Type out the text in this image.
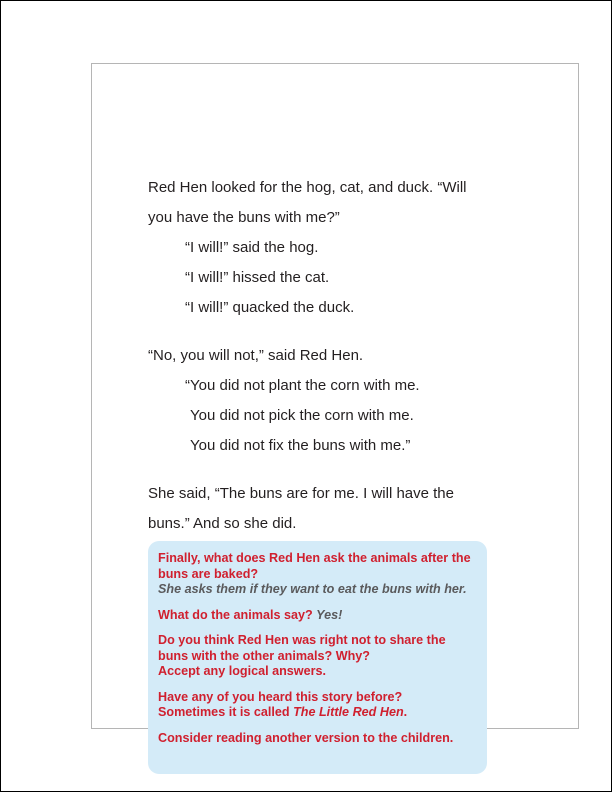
Red Hen looked for the hog, cat, and duck. “Will

you have the buns with me?”

“I will!” said the hog.

“I will!” hissed the cat.

“I will!” quacked the duck.

“No, you will not,” said Red Hen.

“You did not plant the corn with me.

You did not pick the corn with me.

You did not fix the buns with me.”

She said, “The buns are for me. I will have the

buns.” And so she did.

Finally, what does Red Hen ask the animals after the buns are baked?
She asks them if they want to eat the buns with her.

What do the animals say? Yes!

Do you think Red Hen was right not to share the buns with the other animals? Why?
Accept any logical answers.

Have any of you heard this story before?
Sometimes it is called The Little Red Hen.

Consider reading another version to the children.
